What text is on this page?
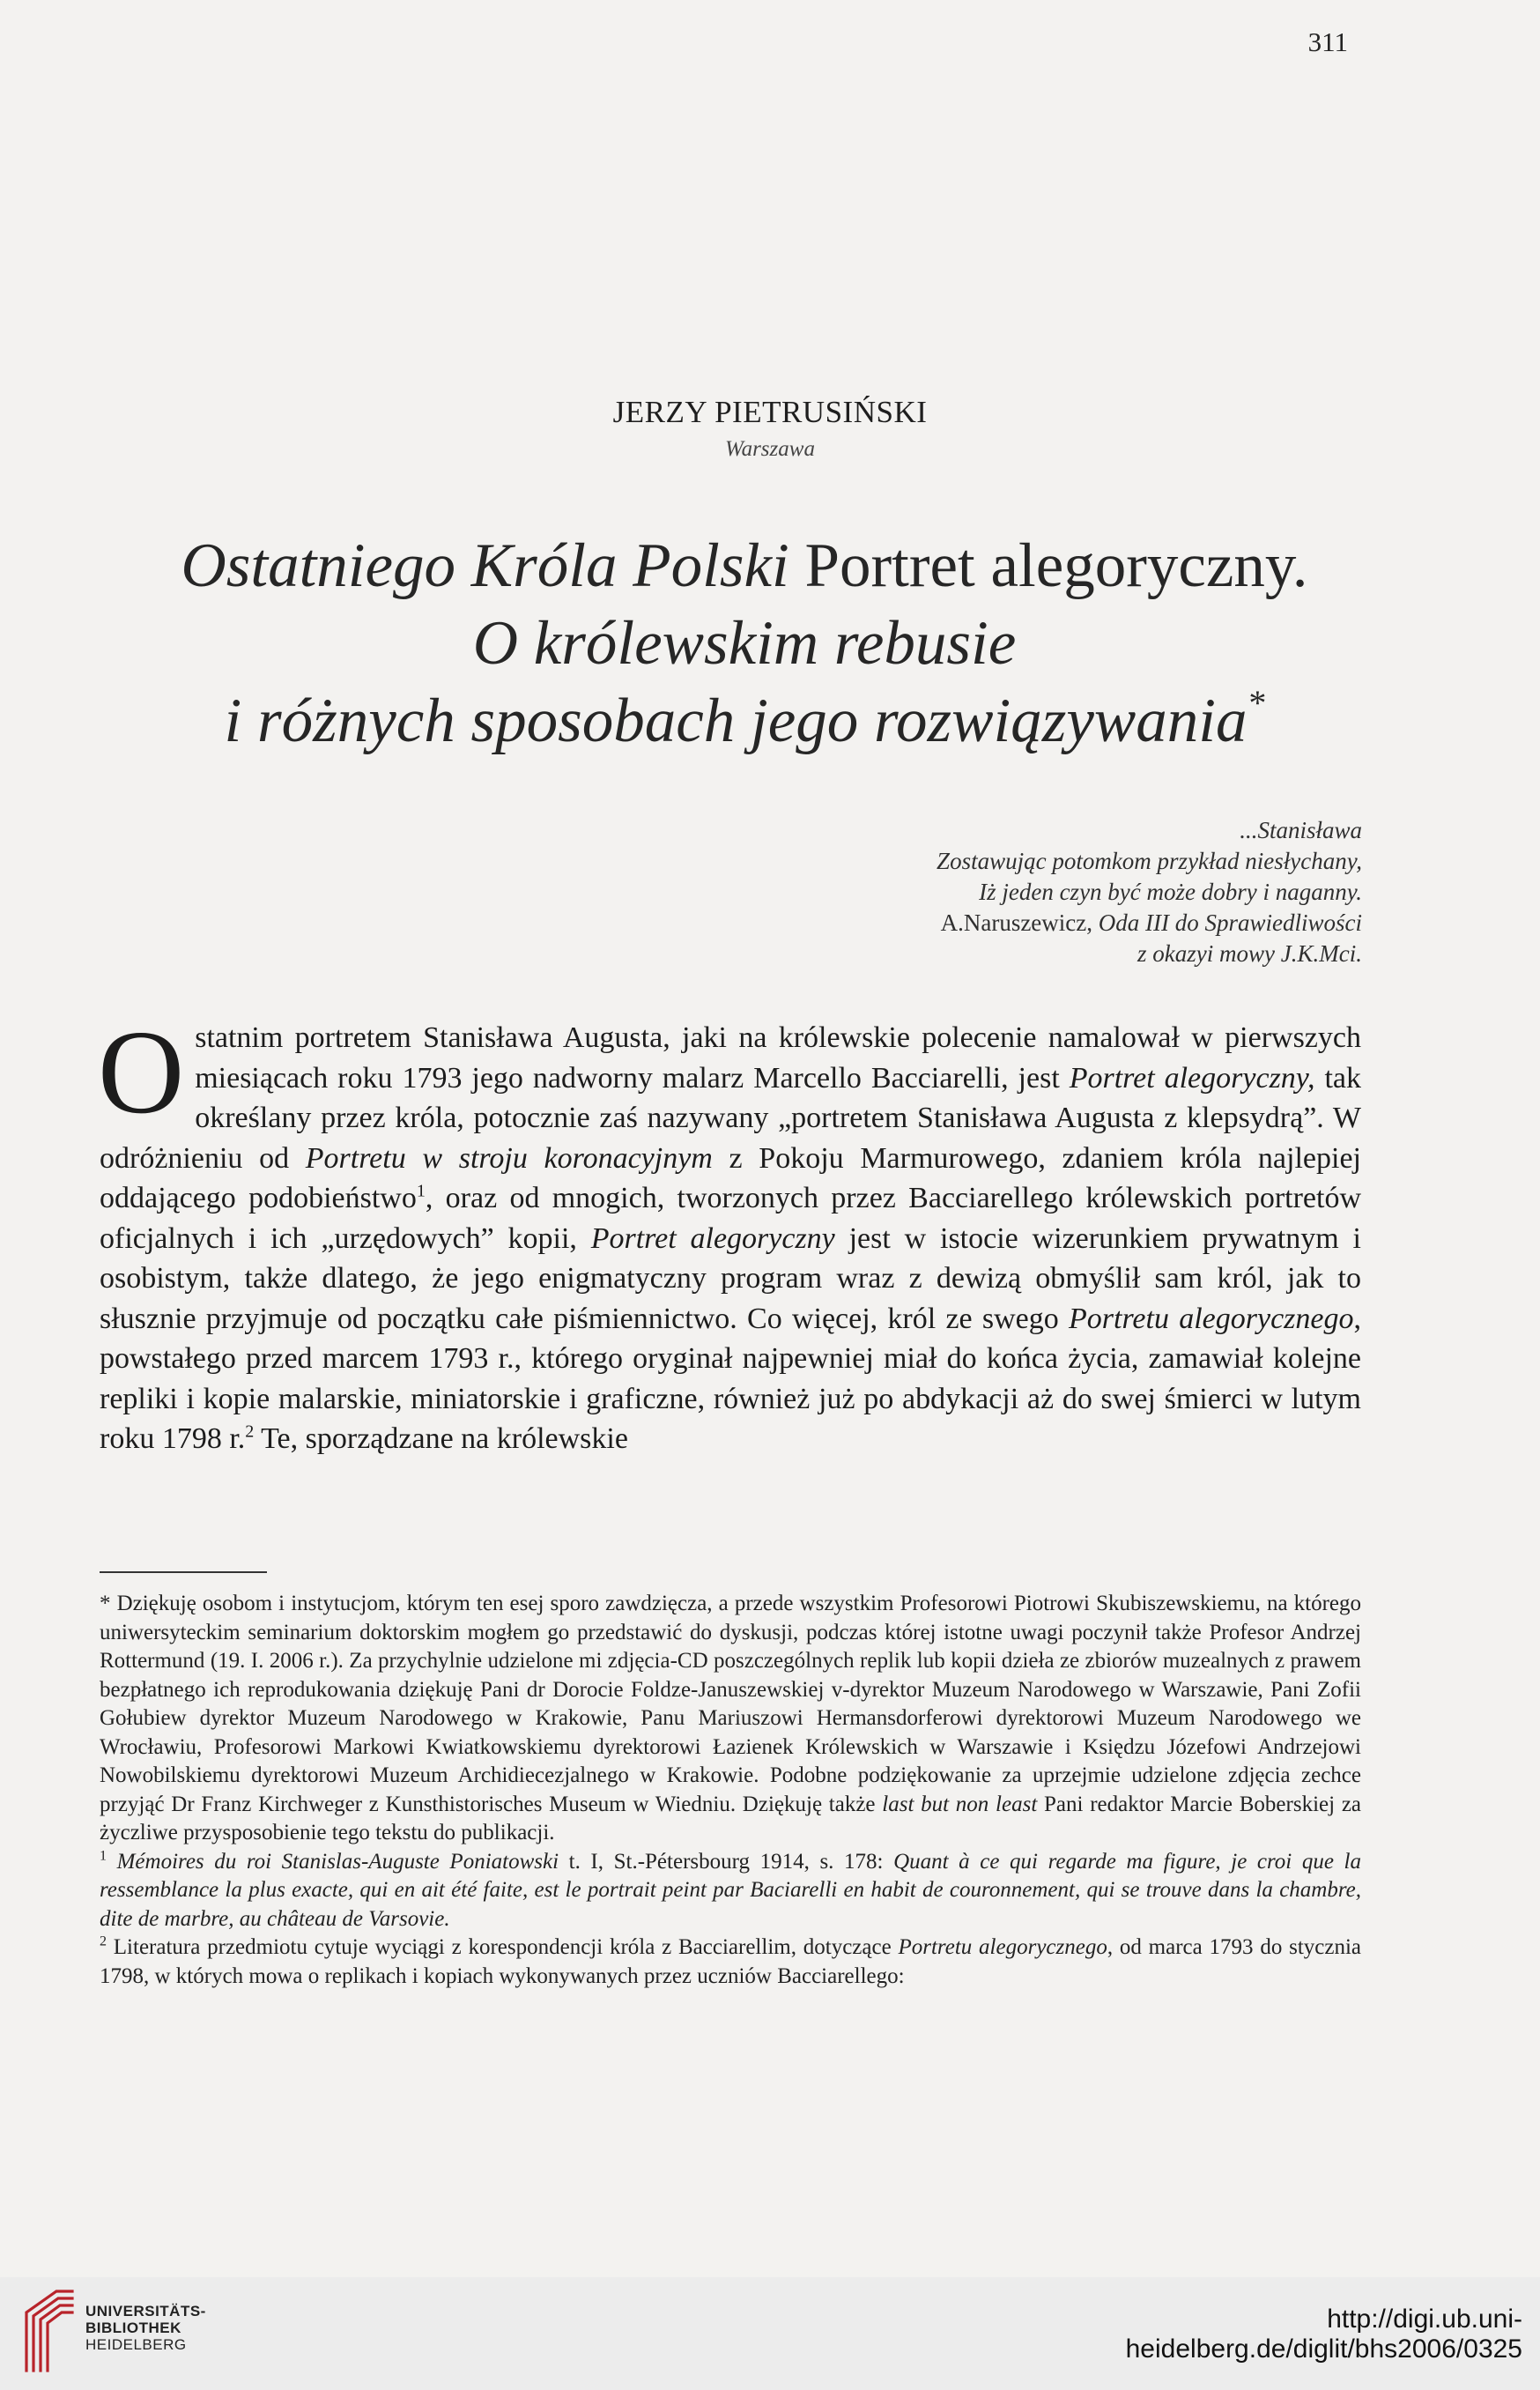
311
JERZY PIETRUSIŃSKI
Warszawa
Ostatniego Króla Polski Portret alegoryczny.
O królewskim rebusie
i różnych sposobach jego rozwiązywania*
...Stanisława
Zostawując potomkom przykład niesłychany,
Iż jeden czyn być może dobry i naganny.
A.Naruszewicz, Oda III do Sprawiedliwości
z okazyi mowy J.K.Mci.
Ostatnim portretem Stanisława Augusta, jaki na królewskie polecenie namalował w pierwszych miesiącach roku 1793 jego nadworny malarz Marcello Bacciarelli, jest Portret alegoryczny, tak określany przez króla, potocznie zaś nazywany „portretem Stanisława Augusta z klepsydrą”. W odróżnieniu od Portretu w stroju koronacyjnym z Pokoju Marmurowego, zdaniem króla najlepiej oddającego podobieństwo$^1$, oraz od mnogich, tworzonych przez Bacciarellego królewskich portretów oficjalnych i ich „urzędowych” kopii, Portret alegoryczny jest w istocie wizerunkiem prywatnym i osobistym, także dlatego, że jego enigmatyczny program wraz z dewizą obmyślił sam król, jak to słusznie przyjmuje od początku całe piśmiennictwo. Co więcej, król ze swego Portretu alegorycznego, powstałego przed marcem 1793 r., którego oryginał najpewniej miał do końca życia, zamawiał kolejne repliki i kopie malarskie, miniatorskie i graficzne, również już po abdykacji aż do swej śmierci w lutym roku 1798 r.$^2$ Te, sporządzane na królewskie

* Dziękuję osobom i instytucjom, którym ten esej sporo zawdzięcza, a przede wszystkim Profesorowi Piotrowi Skubiszewskiemu, na którego uniwersyteckim seminarium doktorskim mogłem go przedstawić do dyskusji, podczas której istotne uwagi poczynił także Profesor Andrzej Rottermund (19. I. 2006 r.). Za przychylnie udzielone mi zdjęcia-CD poszczególnych replik lub kopii dzieła ze zbiorów muzealnych z prawem bezpłatnego ich reprodukowania dziękuję Pani dr Dorocie Foldze-Januszewskiej v-dyrektor Muzeum Narodowego w Warszawie, Pani Zofii Gołubiew dyrektor Muzeum Narodowego w Krakowie, Panu Mariuszowi Hermansdorferowi dyrektorowi Muzeum Narodowego we Wrocławiu, Profesorowi Markowi Kwiatkowskiemu dyrektorowi Łazienek Królewskich w Warszawie i Księdzu Józefowi Andrzejowi Nowobilskiemu dyrektorowi Muzeum Archidiecezjalnego w Krakowie. Podobne podziękowanie za uprzejmie udzielone zdjęcia zechce przyjąć Dr Franz Kirchweger z Kunsthistorisches Museum w Wiedniu. Dziękuję także last but non least Pani redaktor Marcie Boberskiej za życzliwe przysposobienie tego tekstu do publikacji.

$^1$ Mémoires du roi Stanislas-Auguste Poniatowski t. I, St.-Pétersbourg 1914, s. 178: Quant à ce qui regarde ma figure, je croi que la ressemblance la plus exacte, qui en ait été faite, est le portrait peint par Baciarelli en habit de couronnement, qui se trouve dans la chambre, dite de marbre, au château de Varsovie.

$^2$ Literatura przedmiotu cytuje wyciągi z korespondencji króla z Bacciarellim, dotyczące Portretu alegorycznego, od marca 1793 do stycznia 1798, w których mowa o replikach i kopiach wykonywanych przez uczniów Bacciarellego:

UNIVERSITÄTS-
BIBLIOTHEK
HEIDELBERG
http://digi.ub.uni-heidelberg.de/diglit/bhs2006/0325
